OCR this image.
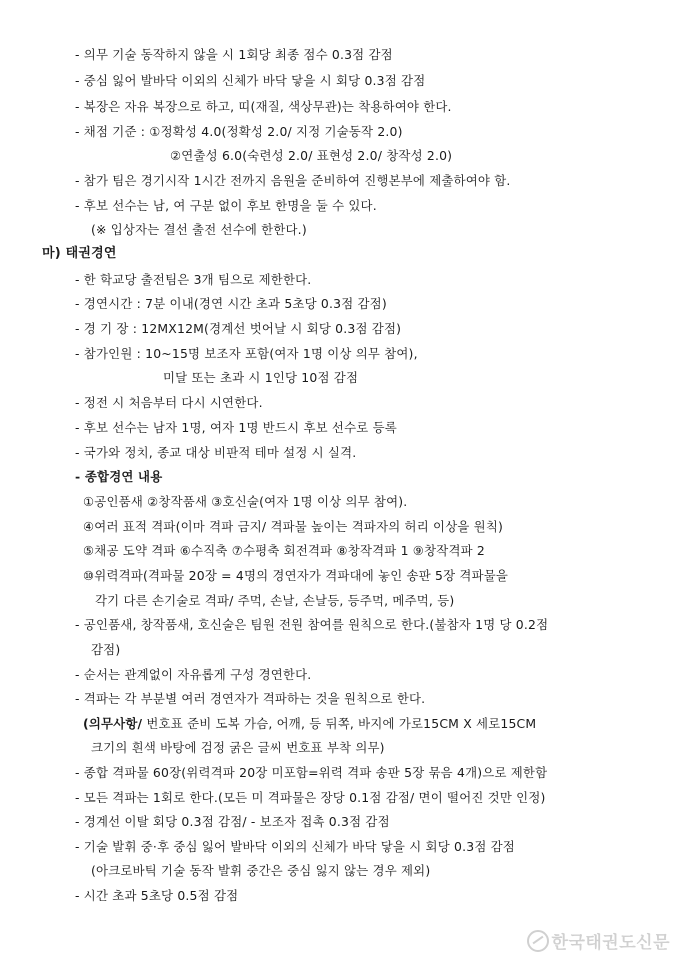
- 의무 기술 동작하지 않을 시 1회당 최종 점수 0.3점 감점
- 중심 잃어 발바닥 이외의 신체가 바닥 닿을 시 회당 0.3점 감점
- 복장은 자유 복장으로 하고, 띠(재질, 색상무관)는 착용하여야 한다.
- 채점 기준 : ①정확성 4.0(정확성 2.0/ 지정 기술동작 2.0)
②연출성 6.0(숙련성 2.0/ 표현성 2.0/ 창작성 2.0)
- 참가 팀은 경기시작 1시간 전까지 음원을 준비하여 진행본부에 제출하여야 함.
- 후보 선수는 남, 여 구분 없이 후보 한명을 둘 수 있다.
(※ 입상자는 결선 출전 선수에 한한다.)
마) 태권경연
- 한 학교당 출전팀은 3개 팀으로 제한한다.
- 경연시간 : 7분 이내(경연 시간 초과 5초당 0.3점 감점)
- 경 기 장 : 12MX12M(경계선 벗어날 시 회당 0.3점 감점)
- 참가인원 : 10~15명 보조자 포함(여자 1명 이상 의무 참여),
미달 또는 초과 시 1인당 10점 감점
- 정전 시 처음부터 다시 시연한다.
- 후보 선수는 남자 1명, 여자 1명 반드시 후보 선수로 등록
- 국가와 정치, 종교 대상 비판적 테마 설정 시 실격.
- 종합경연 내용
①공인품새 ②창작품새 ③호신술(여자 1명 이상 의무 참여).
④여러 표적 격파(이마 격파 금지/ 격파물 높이는 격파자의 허리 이상을 원칙)
⑤채공 도약 격파 ⑥수직축 ⑦수평축 회전격파 ⑧창작격파 1 ⑨창작격파 2
⑩위력격파(격파물 20장 = 4명의 경연자가 격파대에 놓인 송판 5장 격파물을
각기 다른 손기술로 격파/ 주먹, 손날, 손날등, 등주먹, 메주먹, 등)
- 공인품새, 창작품새, 호신술은 팀원 전원 참여를 원칙으로 한다.(불참자 1명 당 0.2점
감점)
- 순서는 관계없이 자유롭게 구성 경연한다.
- 격파는 각 부분별 여러 경연자가 격파하는 것을 원칙으로 한다.
(의무사항/ 번호표 준비 도복 가슴, 어깨, 등 뒤쪽, 바지에 가로15CM X 세로15CM
크기의 흰색 바탕에 검정 굵은 글씨 번호표 부착 의무)
- 종합 격파물 60장(위력격파 20장 미포함=위력 격파 송판 5장 묶음 4개)으로 제한함
- 모든 격파는 1회로 한다.(모든 미 격파물은 장당 0.1점 감점/ 면이 떨어진 것만 인정)
- 경계선 이탈 회당 0.3점 감점/ - 보조자 접촉 0.3점 감점
- 기술 발휘 중·후 중심 잃어 발바닥 이외의 신체가 바닥 닿을 시 회당 0.3점 감점
(아크로바틱 기술 동작 발휘 중간은 중심 잃지 않는 경우 제외)
- 시간 초과 5초당 0.5점 감점
한국태권도신문
